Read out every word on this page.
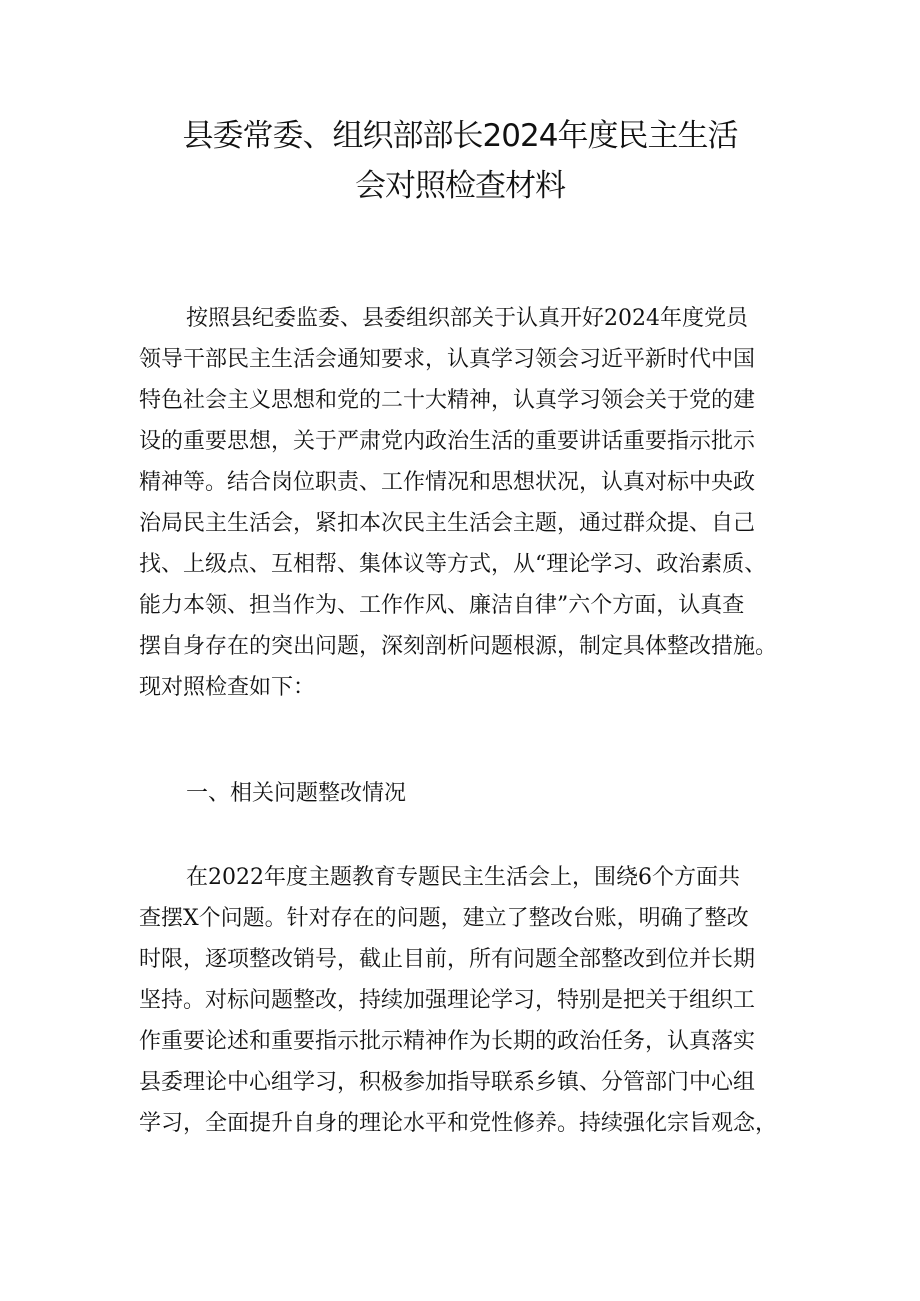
县委常委、组织部部长2024年度民主生活
会对照检查材料
按照县纪委监委、县委组织部关于认真开好2024年度党员
领导干部民主生活会通知要求，认真学习领会习近平新时代中国
特色社会主义思想和党的二十大精神，认真学习领会关于党的建
设的重要思想，关于严肃党内政治生活的重要讲话重要指示批示
精神等。结合岗位职责、工作情况和思想状况，认真对标中央政
治局民主生活会，紧扣本次民主生活会主题，通过群众提、自己
找、上级点、互相帮、集体议等方式，从“理论学习、政治素质、
能力本领、担当作为、工作作风、廉洁自律”六个方面，认真查
摆自身存在的突出问题，深刻剖析问题根源，制定具体整改措施。
现对照检查如下：
一、相关问题整改情况
在2022年度主题教育专题民主生活会上，围绕6个方面共
查摆X个问题。针对存在的问题，建立了整改台账，明确了整改
时限，逐项整改销号，截止目前，所有问题全部整改到位并长期
坚持。对标问题整改，持续加强理论学习，特别是把关于组织工
作重要论述和重要指示批示精神作为长期的政治任务，认真落实
县委理论中心组学习，积极参加指导联系乡镇、分管部门中心组
学习，全面提升自身的理论水平和党性修养。持续强化宗旨观念，
